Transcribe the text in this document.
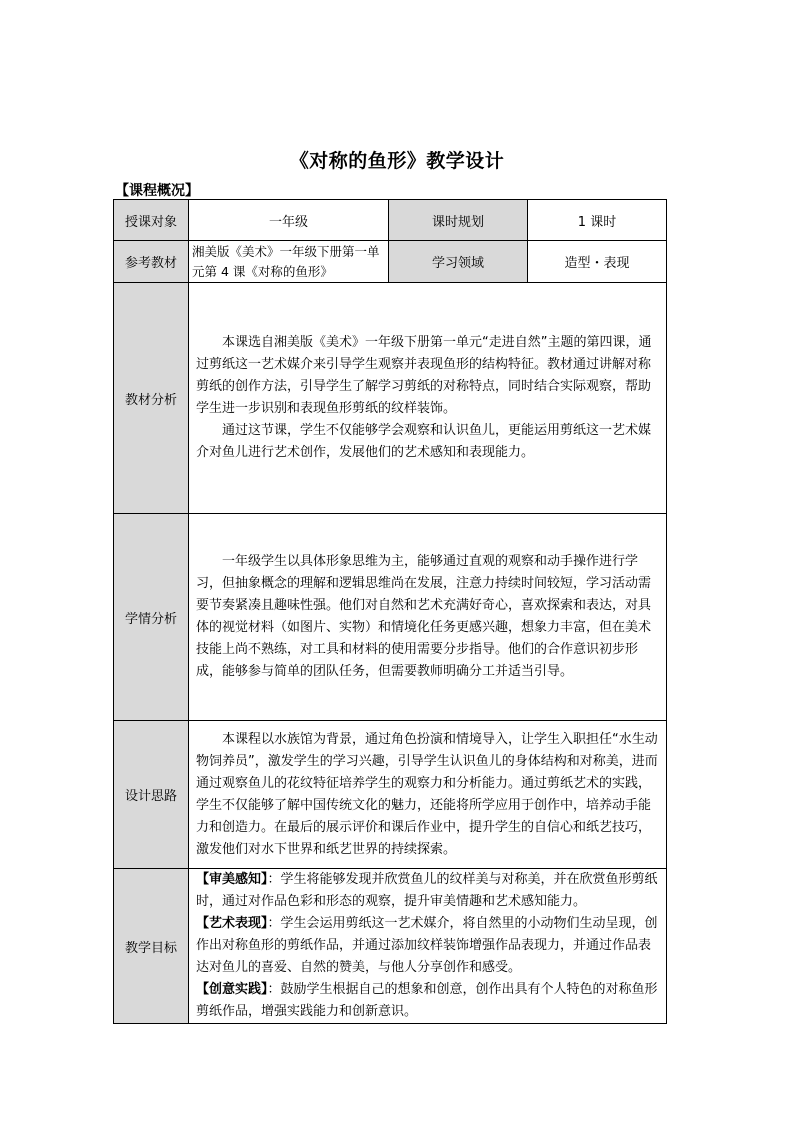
《对称的鱼形》教学设计
【课程概况】
授课对象	一年级	课时规划	1 课时
参考教材	湘美版《美术》一年级下册第一单元第 4 课《对称的鱼形》	学习领域	造型・表现
教材分析	本课选自湘美版《美术》一年级下册第一单元“走进自然”主题的第四课，通过剪纸这一艺术媒介来引导学生观察并表现鱼形的结构特征。教材通过讲解对称剪纸的创作方法，引导学生了解学习剪纸的对称特点，同时结合实际观察，帮助学生进一步识别和表现鱼形剪纸的纹样装饰。

通过这节课，学生不仅能够学会观察和认识鱼儿，更能运用剪纸这一艺术媒介对鱼儿进行艺术创作，发展他们的艺术感知和表现能力。		

学情分析	一年级学生以具体形象思维为主，能够通过直观的观察和动手操作进行学习，但抽象概念的理解和逻辑思维尚在发展，注意力持续时间较短，学习活动需要节奏紧凑且趣味性强。他们对自然和艺术充满好奇心，喜欢探索和表达，对具体的视觉材料（如图片、实物）和情境化任务更感兴趣，想象力丰富，但在美术技能上尚不熟练，对工具和材料的使用需要分步指导。他们的合作意识初步形成，能够参与简单的团队任务，但需要教师明确分工并适当引导。		

设计思路	本课程以水族馆为背景，通过角色扮演和情境导入，让学生入职担任“水生动物饲养员”，激发学生的学习兴趣，引导学生认识鱼儿的身体结构和对称美，进而通过观察鱼儿的花纹特征培养学生的观察力和分析能力。通过剪纸艺术的实践，学生不仅能够了解中国传统文化的魅力，还能将所学应用于创作中，培养动手能力和创造力。在最后的展示评价和课后作业中，提升学生的自信心和纸艺技巧，激发他们对水下世界和纸艺世界的持续探索。		

教学目标	【审美感知】：学生将能够发现并欣赏鱼儿的纹样美与对称美，并在欣赏鱼形剪纸时，通过对作品色彩和形态的观察，提升审美情趣和艺术感知能力。

【艺术表现】：学生会运用剪纸这一艺术媒介，将自然里的小动物们生动呈现，创作出对称鱼形的剪纸作品，并通过添加纹样装饰增强作品表现力，并通过作品表达对鱼儿的喜爱、自然的赞美，与他人分享创作和感受。

【创意实践】：鼓励学生根据自己的想象和创意，创作出具有个人特色的对称鱼形剪纸作品，增强实践能力和创新意识。		
